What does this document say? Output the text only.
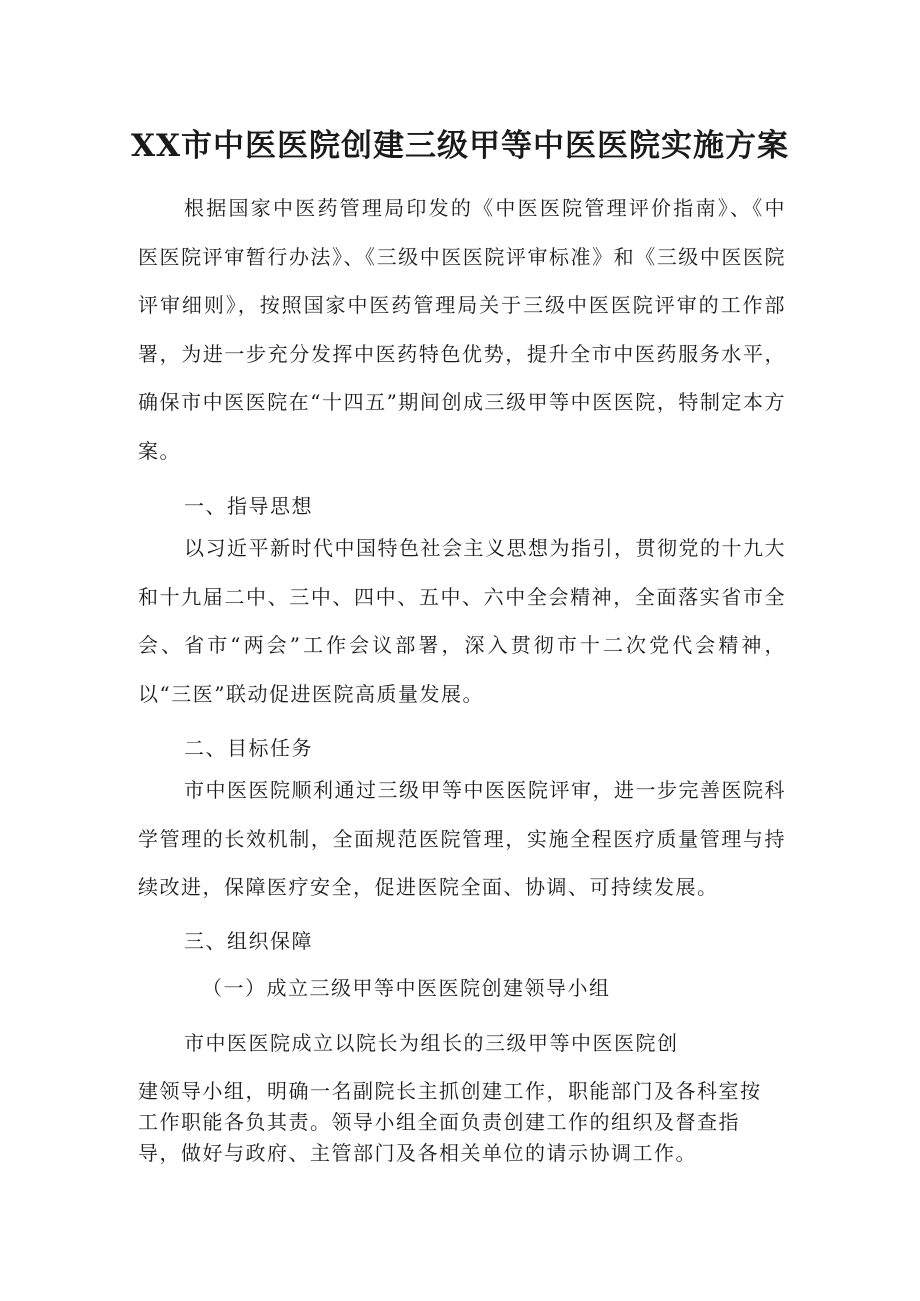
XX市中医医院创建三级甲等中医医院实施方案

根据国家中医药管理局印发的《中医医院管理评价指南》、《中医医院评审暂行办法》、《三级中医医院评审标准》和《三级中医医院评审细则》，按照国家中医药管理局关于三级中医医院评审的工作部署，为进一步充分发挥中医药特色优势，提升全市中医药服务水平，确保市中医医院在“十四五”期间创成三级甲等中医医院，特制定本方案。

一、指导思想

以习近平新时代中国特色社会主义思想为指引，贯彻党的十九大和十九届二中、三中、四中、五中、六中全会精神，全面落实省市全会、省市“两会”工作会议部署，深入贯彻市十二次党代会精神，以“三医”联动促进医院高质量发展。

二、目标任务

市中医医院顺利通过三级甲等中医医院评审，进一步完善医院科学管理的长效机制，全面规范医院管理，实施全程医疗质量管理与持续改进，保障医疗安全，促进医院全面、协调、可持续发展。

三、组织保障

（一）成立三级甲等中医医院创建领导小组

市中医医院成立以院长为组长的三级甲等中医医院创

建领导小组，明确一名副院长主抓创建工作，职能部门及各科室按工作职能各负其责。领导小组全面负责创建工作的组织及督查指导，做好与政府、主管部门及各相关单位的请示协调工作。
